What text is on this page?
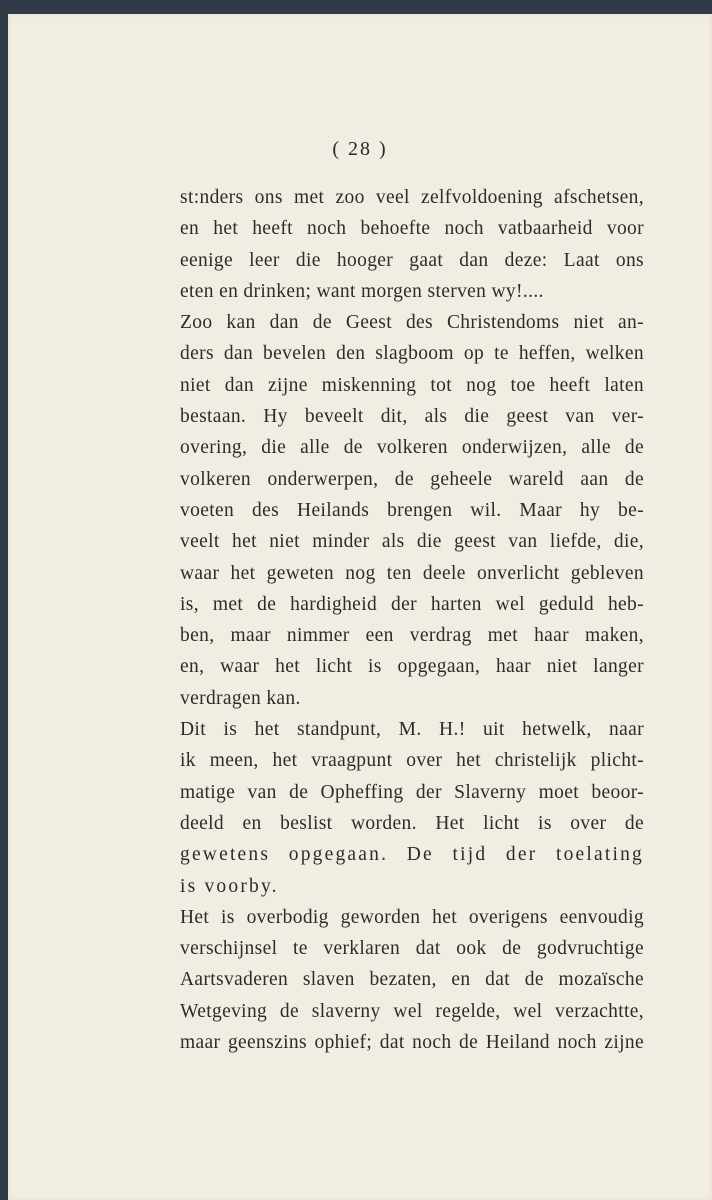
( 28 )
st:nders ons met zoo veel zelfvoldoening afschetsen,
en het heeft noch behoefte noch vatbaarheid voor
eenige leer die hooger gaat dan deze: Laat ons
eten en drinken; want morgen sterven wy!....
Zoo kan dan de Geest des Christendoms niet an-
ders dan bevelen den slagboom op te heffen, welken
niet dan zijne miskenning tot nog toe heeft laten
bestaan. Hy beveelt dit, als die geest van ver-
overing, die alle de volkeren onderwijzen, alle de
volkeren onderwerpen, de geheele wareld aan de
voeten des Heilands brengen wil. Maar hy be-
veelt het niet minder als die geest van liefde, die,
waar het geweten nog ten deele onverlicht gebleven
is, met de hardigheid der harten wel geduld heb-
ben, maar nimmer een verdrag met haar maken,
en, waar het licht is opgegaan, haar niet langer
verdragen kan.
Dit is het standpunt, M. H.! uit hetwelk, naar
ik meen, het vraagpunt over het christelijk plicht-
matige van de Opheffing der Slaverny moet beoor-
deeld en beslist worden. Het licht is over de
gewetens opgegaan. De tijd der toelating
is voorby.
Het is overbodig geworden het overigens eenvoudig
verschijnsel te verklaren dat ook de godvruchtige
Aartsvaderen slaven bezaten, en dat de mozaïsche
Wetgeving de slaverny wel regelde, wel verzachtte,
maar geenszins ophief; dat noch de Heiland noch zijne
